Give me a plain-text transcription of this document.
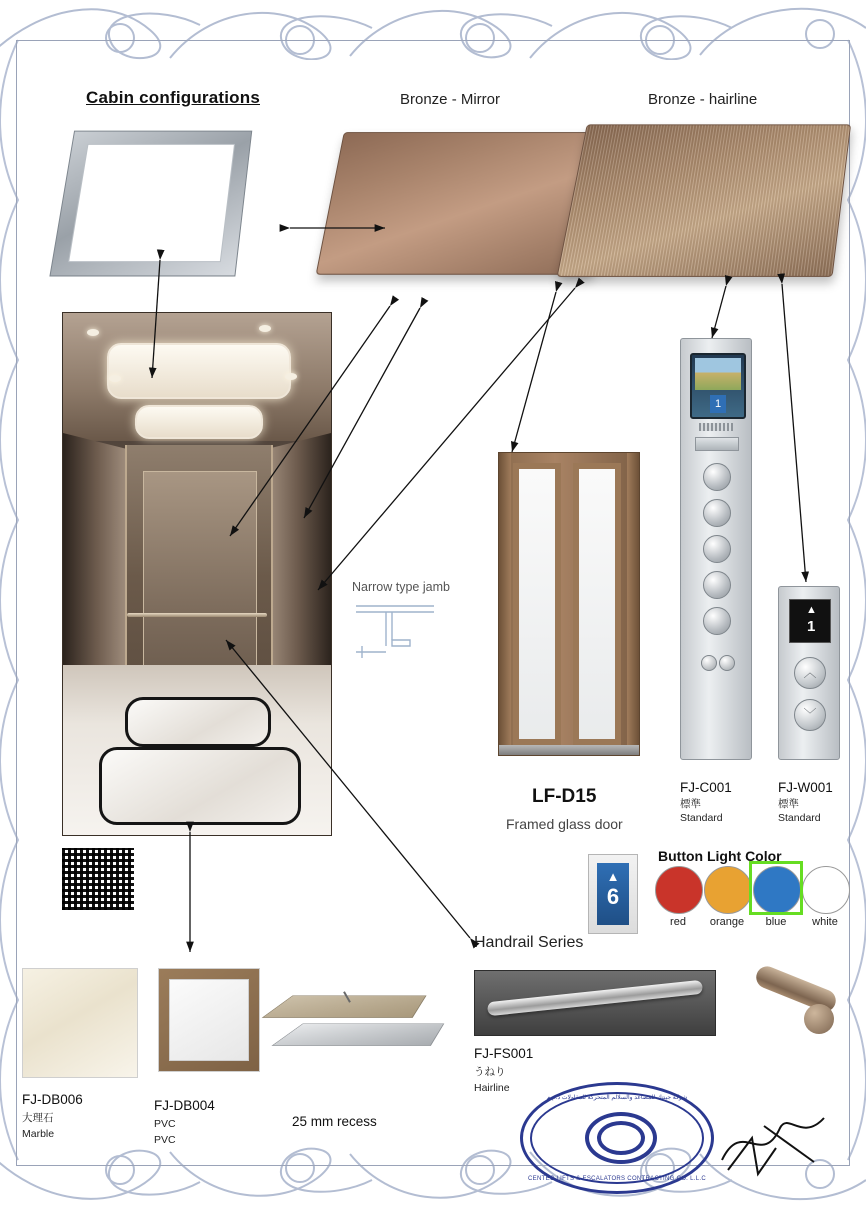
Cabin configurations	Bronze - Mirror	Bronze - hairline
Narrow type jamb
LF-D15
Framed glass door
1
FJ-C001
標準
Standard
▲
1
︿
﹀
FJ-W001
標準
Standard
Button Light Color
red	orange	blue	white
▲
6
Handrail Series
FJ-FS001
うねり
Hairline
FJ-DB006
大理石
Marble
FJ-DB004
PVC
PVC
25 mm recess
شركة جينتك للمصاعد والسلالم المتحركة للمقاولات ذ.م.م
CENTEC LIFTS & ESCALATORS CONTRACTING CO. L.L.C
